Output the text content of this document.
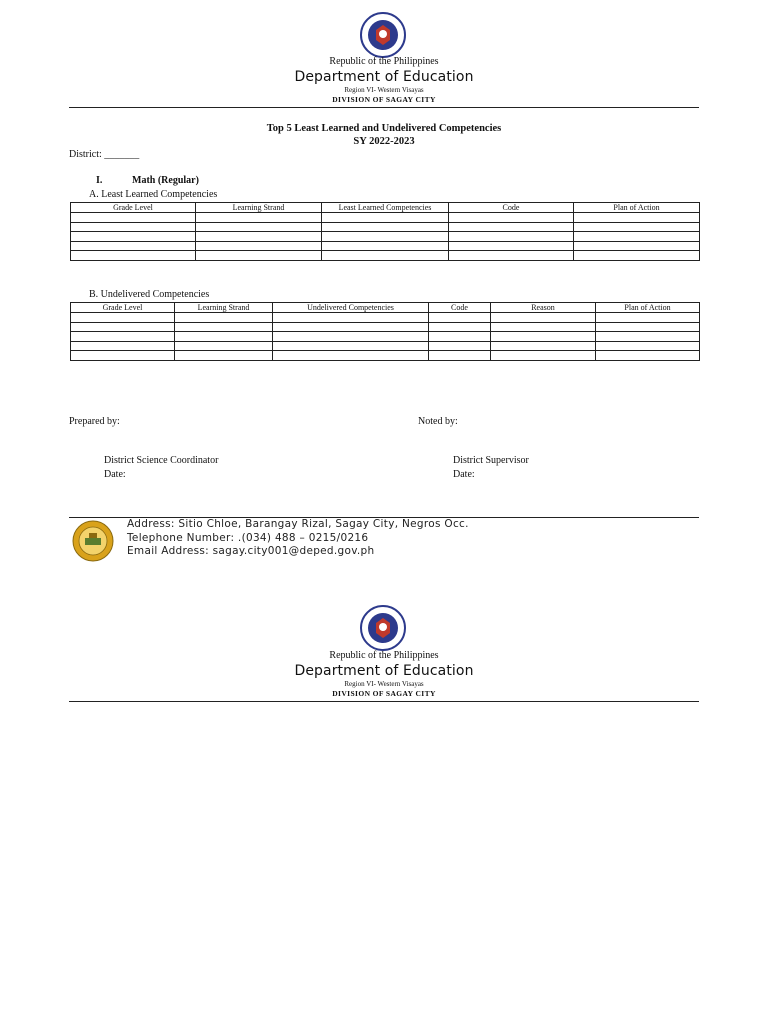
Republic of the Philippines
Department of Education
Region VI- Western Visayas
DIVISION OF SAGAY CITY
Top 5 Least Learned and Undelivered Competencies
SY 2022-2023
District: _______
I.	Math (Regular)
A. Least Learned Competencies
Grade Level	Learning Strand	Least Learned Competencies	Code	Plan of Action

B. Undelivered Competencies
Grade Level	Learning Strand	Undelivered Competencies	Code	Reason	Plan of Action

Prepared by:	Noted by:
District Science Coordinator
Date:
District Supervisor
Date:
Address: Sitio Chloe, Barangay Rizal, Sagay City, Negros Occ.
Telephone Number: .(034) 488 – 0215/0216
Email Address: sagay.city001@deped.gov.ph
Republic of the Philippines
Department of Education
Region VI- Western Visayas
DIVISION OF SAGAY CITY
